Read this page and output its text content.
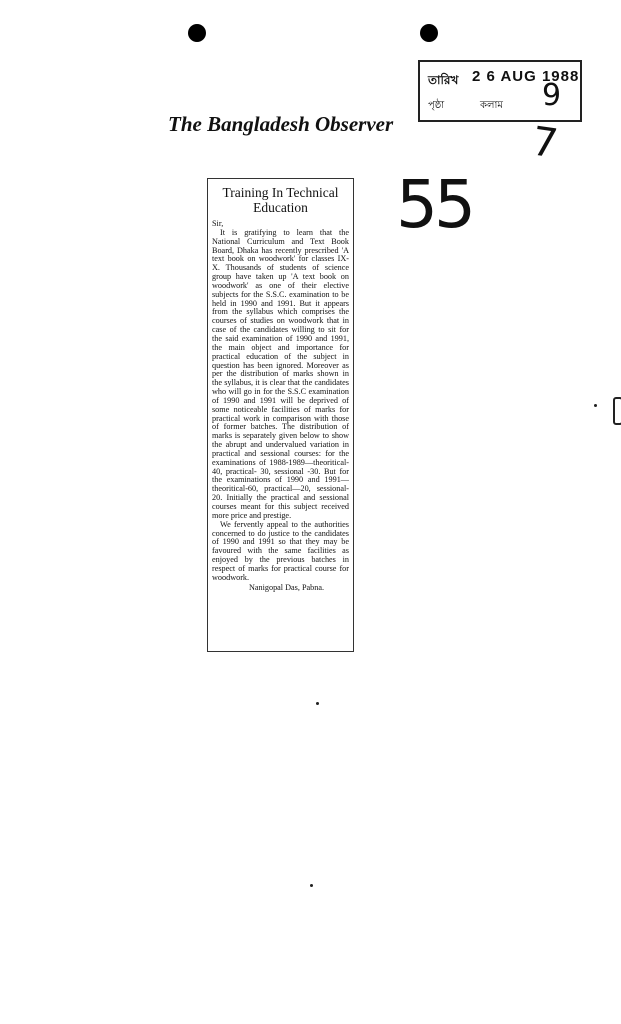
তারিখ 2 6 AUG 1988
পৃষ্ঠা	কলাম 9
The Bangladesh Observer	7
55
Training In Technical
Education

Sir,

It is gratifying to learn that the National Curriculum and Text Book Board, Dhaka has recently prescribed 'A text book on woodwork' for classes IX-X. Thousands of students of science group have taken up 'A text book on woodwork' as one of their elective subjects for the S.S.C. examination to be held in 1990 and 1991. But it appears from the syllabus which comprises the courses of studies on woodwork that in case of the candidates willing to sit for the said examination of 1990 and 1991, the main object and importance for practical education of the subject in question has been ignored. Moreover as per the distribution of marks shown in the syllabus, it is clear that the candidates who will go in for the S.S.C examination of 1990 and 1991 will be deprived of some noticeable facilities of marks for practical work in comparison with those of former batches. The distribution of marks is separately given below to show the abrupt and undervalued variation in practical and sessional courses: for the examinations of 1988-1989—theoritical- 40, practical- 30, sessional -30. But for the examinations of 1990 and 1991—theoritical-60, practical—20, sessional-20. Initially the practical and sessional courses meant for this subject received more price and prestige.

We fervently appeal to the authorities concerned to do justice to the candidates of 1990 and 1991 so that they may be favoured with the same facilities as enjoyed by the previous batches in respect of marks for practical course for woodwork.

Nanigopal Das, Pabna.
